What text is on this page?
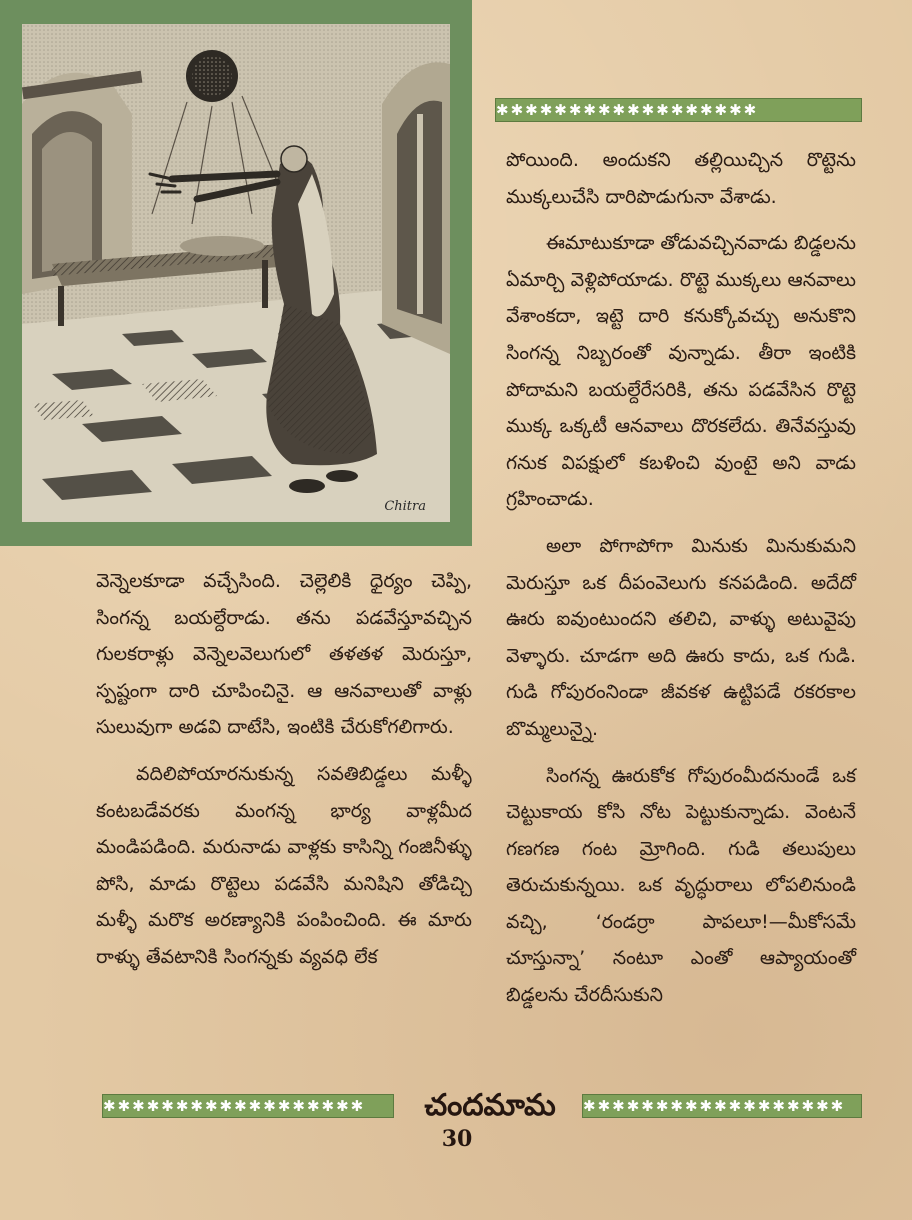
Chitra
✱✱✱✱✱✱✱✱✱✱✱✱✱✱✱✱✱✱

పోయింది. అందుకని తల్లియిచ్చిన రొట్టెను ముక్కలుచేసి దారిపొడుగునా వేశాడు.

ఈమాటుకూడా తోడువచ్చినవాడు బిడ్డలను ఏమార్చి వెళ్లిపోయాడు. రొట్టె ముక్కలు ఆనవాలు వేశాంకదా, ఇట్టె దారి కనుక్కోవచ్చు అనుకొని సింగన్న నిబ్బరంతో వున్నాడు. తీరా ఇంటికి పోదామని బయల్దేరేసరికి, తను పడవేసిన రొట్టె ముక్క ఒక్కటీ ఆనవాలు దొరకలేదు. తినేవస్తువు గనుక విపక్షులో కబళించి వుంటై అని వాడు గ్రహించాడు.

అలా పోగాపోగా మినుకు మినుకుమని మెరుస్తూ ఒక దీపంవెలుగు కనపడింది. అదేదో ఊరు ఐవుంటుందని తలిచి, వాళ్ళు అటువైపు వెళ్ళారు. చూడగా అది ఊరు కాదు, ఒక గుడి. గుడి గోపురంనిండా జీవకళ ఉట్టిపడే రకరకాల బొమ్మలున్నై.

సింగన్న ఊరుకోక గోపురంమీదనుండే ఒక చెట్టుకాయ కోసి నోట పెట్టుకున్నాడు. వెంటనే గణగణ గంట మ్రోగింది. గుడి తలుపులు తెరుచుకున్నయి. ఒక వృద్ధురాలు లోపలినుండి వచ్చి, ‘రండర్రా పాపలూ!—మీకోసమే చూస్తున్నా’ నంటూ ఎంతో ఆప్యాయంతో బిడ్డలను చేరదీసుకుని

వెన్నెలకూడా వచ్చేసింది. చెల్లెలికి ధైర్యం చెప్పి, సింగన్న బయల్దేరాడు. తను పడవేస్తూవచ్చిన గులకరాళ్లు వెన్నెలవెలుగులో తళతళ మెరుస్తూ, స్పష్టంగా దారి చూపించినై. ఆ ఆనవాలుతో వాళ్లు సులువుగా అడవి దాటేసి, ఇంటికి చేరుకోగలిగారు.

వదిలిపోయారనుకున్న సవతిబిడ్డలు మళ్ళీ కంటబడేవరకు మంగన్న భార్య వాళ్లమీద మండిపడింది. మరునాడు వాళ్లకు కాసిన్ని గంజినీళ్ళు పోసి, మాడు రొట్టెలు పడవేసి మనిషిని తోడిచ్చి మళ్ళీ మరొక అరణ్యానికి పంపించింది. ఈ మారు రాళ్ళు తేవటానికి సింగన్నకు వ్యవధి లేక

✱✱✱✱✱✱✱✱✱✱✱✱✱✱✱✱✱✱	చందమామ	✱✱✱✱✱✱✱✱✱✱✱✱✱✱✱✱✱✱
30
